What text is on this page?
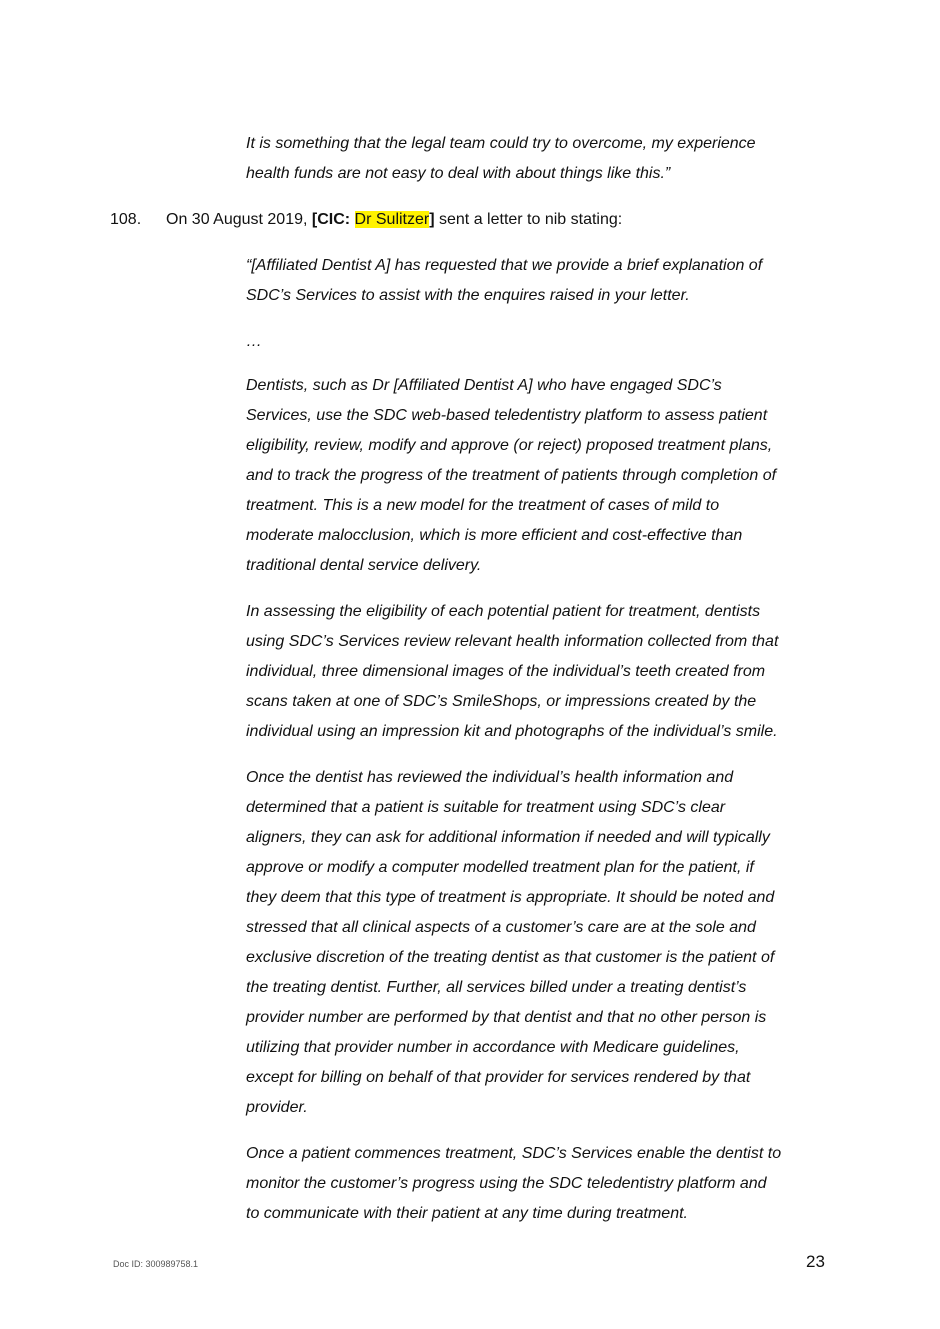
It is something that the legal team could try to overcome, my experience
health funds are not easy to deal with about things like this.”

108. On 30 August 2019, [CIC: Dr Sulitzer] sent a letter to nib stating:

“[Affiliated Dentist A] has requested that we provide a brief explanation of
SDC’s Services to assist with the enquires raised in your letter.

…

Dentists, such as Dr [Affiliated Dentist A] who have engaged SDC’s
Services, use the SDC web-based teledentistry platform to assess patient
eligibility, review, modify and approve (or reject) proposed treatment plans,
and to track the progress of the treatment of patients through completion of
treatment. This is a new model for the treatment of cases of mild to
moderate malocclusion, which is more efficient and cost-effective than
traditional dental service delivery.

In assessing the eligibility of each potential patient for treatment, dentists
using SDC’s Services review relevant health information collected from that
individual, three dimensional images of the individual’s teeth created from
scans taken at one of SDC’s SmileShops, or impressions created by the
individual using an impression kit and photographs of the individual’s smile.

Once the dentist has reviewed the individual’s health information and
determined that a patient is suitable for treatment using SDC’s clear
aligners, they can ask for additional information if needed and will typically
approve or modify a computer modelled treatment plan for the patient, if
they deem that this type of treatment is appropriate. It should be noted and
stressed that all clinical aspects of a customer’s care are at the sole and
exclusive discretion of the treating dentist as that customer is the patient of
the treating dentist. Further, all services billed under a treating dentist’s
provider number are performed by that dentist and that no other person is
utilizing that provider number in accordance with Medicare guidelines,
except for billing on behalf of that provider for services rendered by that
provider.

Once a patient commences treatment, SDC’s Services enable the dentist to
monitor the customer’s progress using the SDC teledentistry platform and
to communicate with their patient at any time during treatment.

Doc ID: 300989758.1	23
